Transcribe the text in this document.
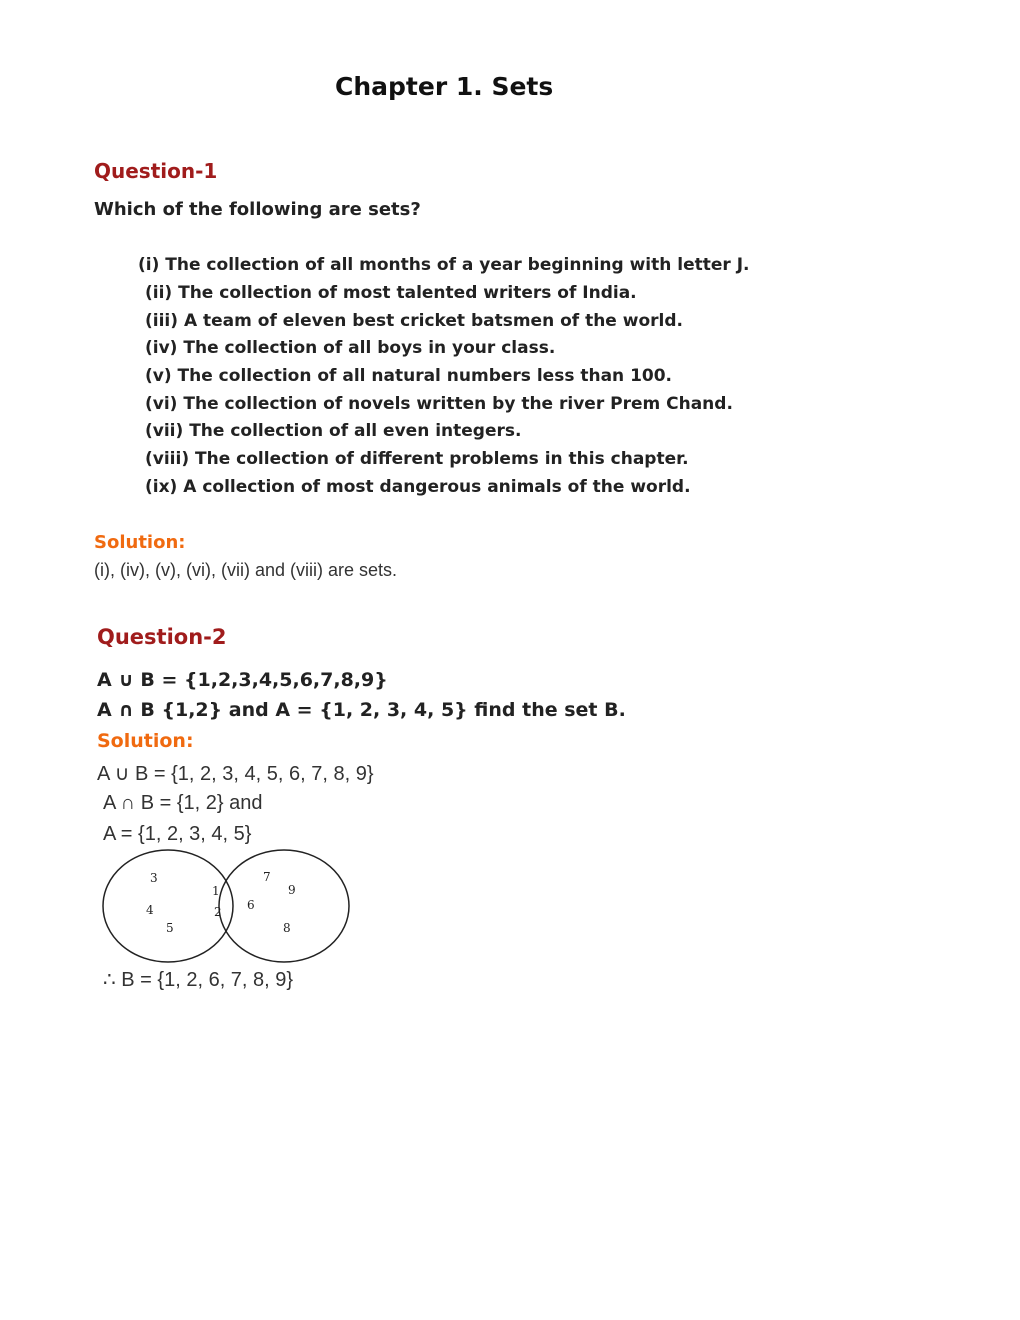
Chapter 1. Sets
Question-1
Which of the following are sets?
(i) The collection of all months of a year beginning with letter J.
(ii) The collection of most talented writers of India.
(iii) A team of eleven best cricket batsmen of the world.
(iv) The collection of all boys in your class.
(v) The collection of all natural numbers less than 100.
(vi) The collection of novels written by the river Prem Chand.
(vii) The collection of all even integers.
(viii) The collection of different problems in this chapter.
(ix) A collection of most dangerous animals of the world.
Solution:
(i), (iv), (v), (vi), (vii) and (viii) are sets.
Question-2
A ∪ B = {1,2,3,4,5,6,7,8,9}
A ∩ B {1,2} and A = {1, 2, 3, 4, 5} find the set B.
Solution:
A ∪ B = {1, 2, 3, 4, 5, 6, 7, 8, 9}
A ∩ B = {1, 2} and
A = {1, 2, 3, 4, 5}
3
4
5
1
2
7
9
6
8
∴ B = {1, 2, 6, 7, 8, 9}
